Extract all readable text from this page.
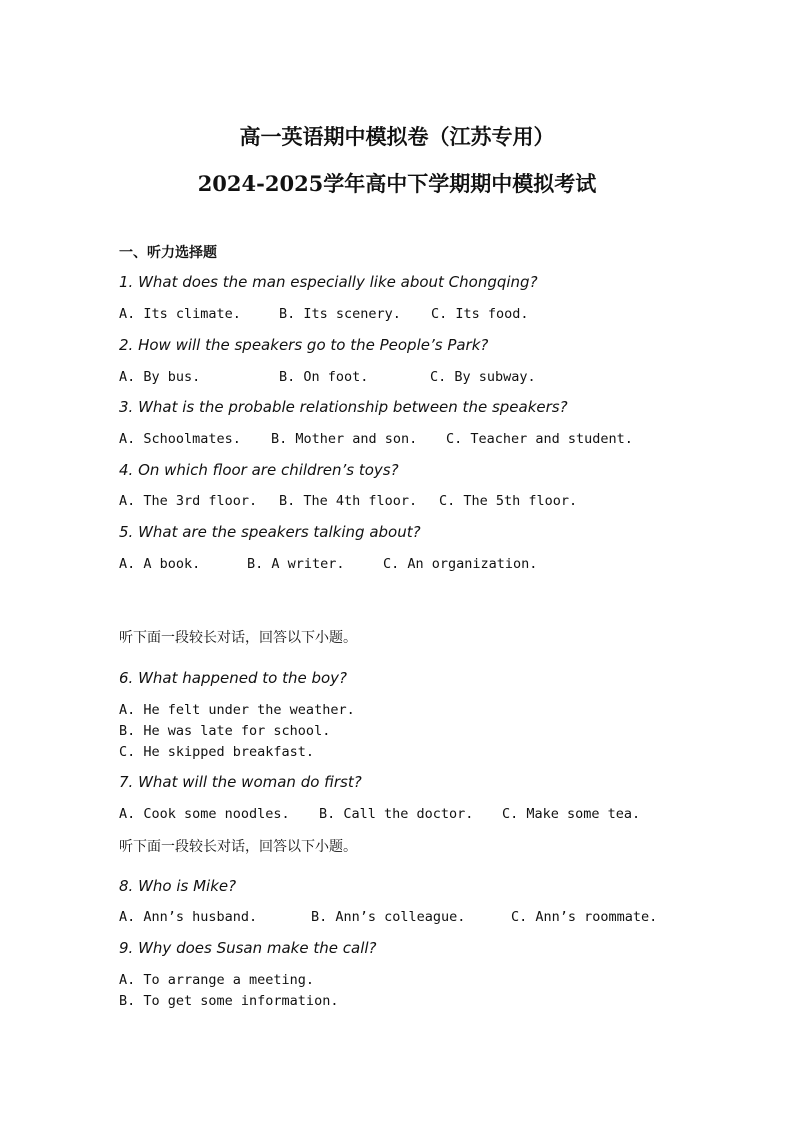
高一英语期中模拟卷（江苏专用）
2024-2025学年高中下学期期中模拟考试
一、听力选择题
1. What does the man especially like about Chongqing?
A. Its climate.	B. Its scenery. C. Its food.
2. How will the speakers go to the People’s Park?
A. By bus.	B. On foot.	C. By subway.
3. What is the probable relationship between the speakers?
A. Schoolmates. B. Mother and son. C. Teacher and student.
4. On which floor are children’s toys?
A. The 3rd floor. B. The 4th floor. C. The 5th floor.
5. What are the speakers talking about?
A. A book.	B. A writer.	C. An organization.
听下面一段较长对话，回答以下小题。
6. What happened to the boy?
A. He felt under the weather.
B. He was late for school.
C. He skipped breakfast.
7. What will the woman do first?
A. Cook some noodles. B. Call the doctor. C. Make some tea.
听下面一段较长对话，回答以下小题。
8. Who is Mike?
A. Ann’s husband.	B. Ann’s colleague.	C. Ann’s roommate.
9. Why does Susan make the call?
A. To arrange a meeting.
B. To get some information.
